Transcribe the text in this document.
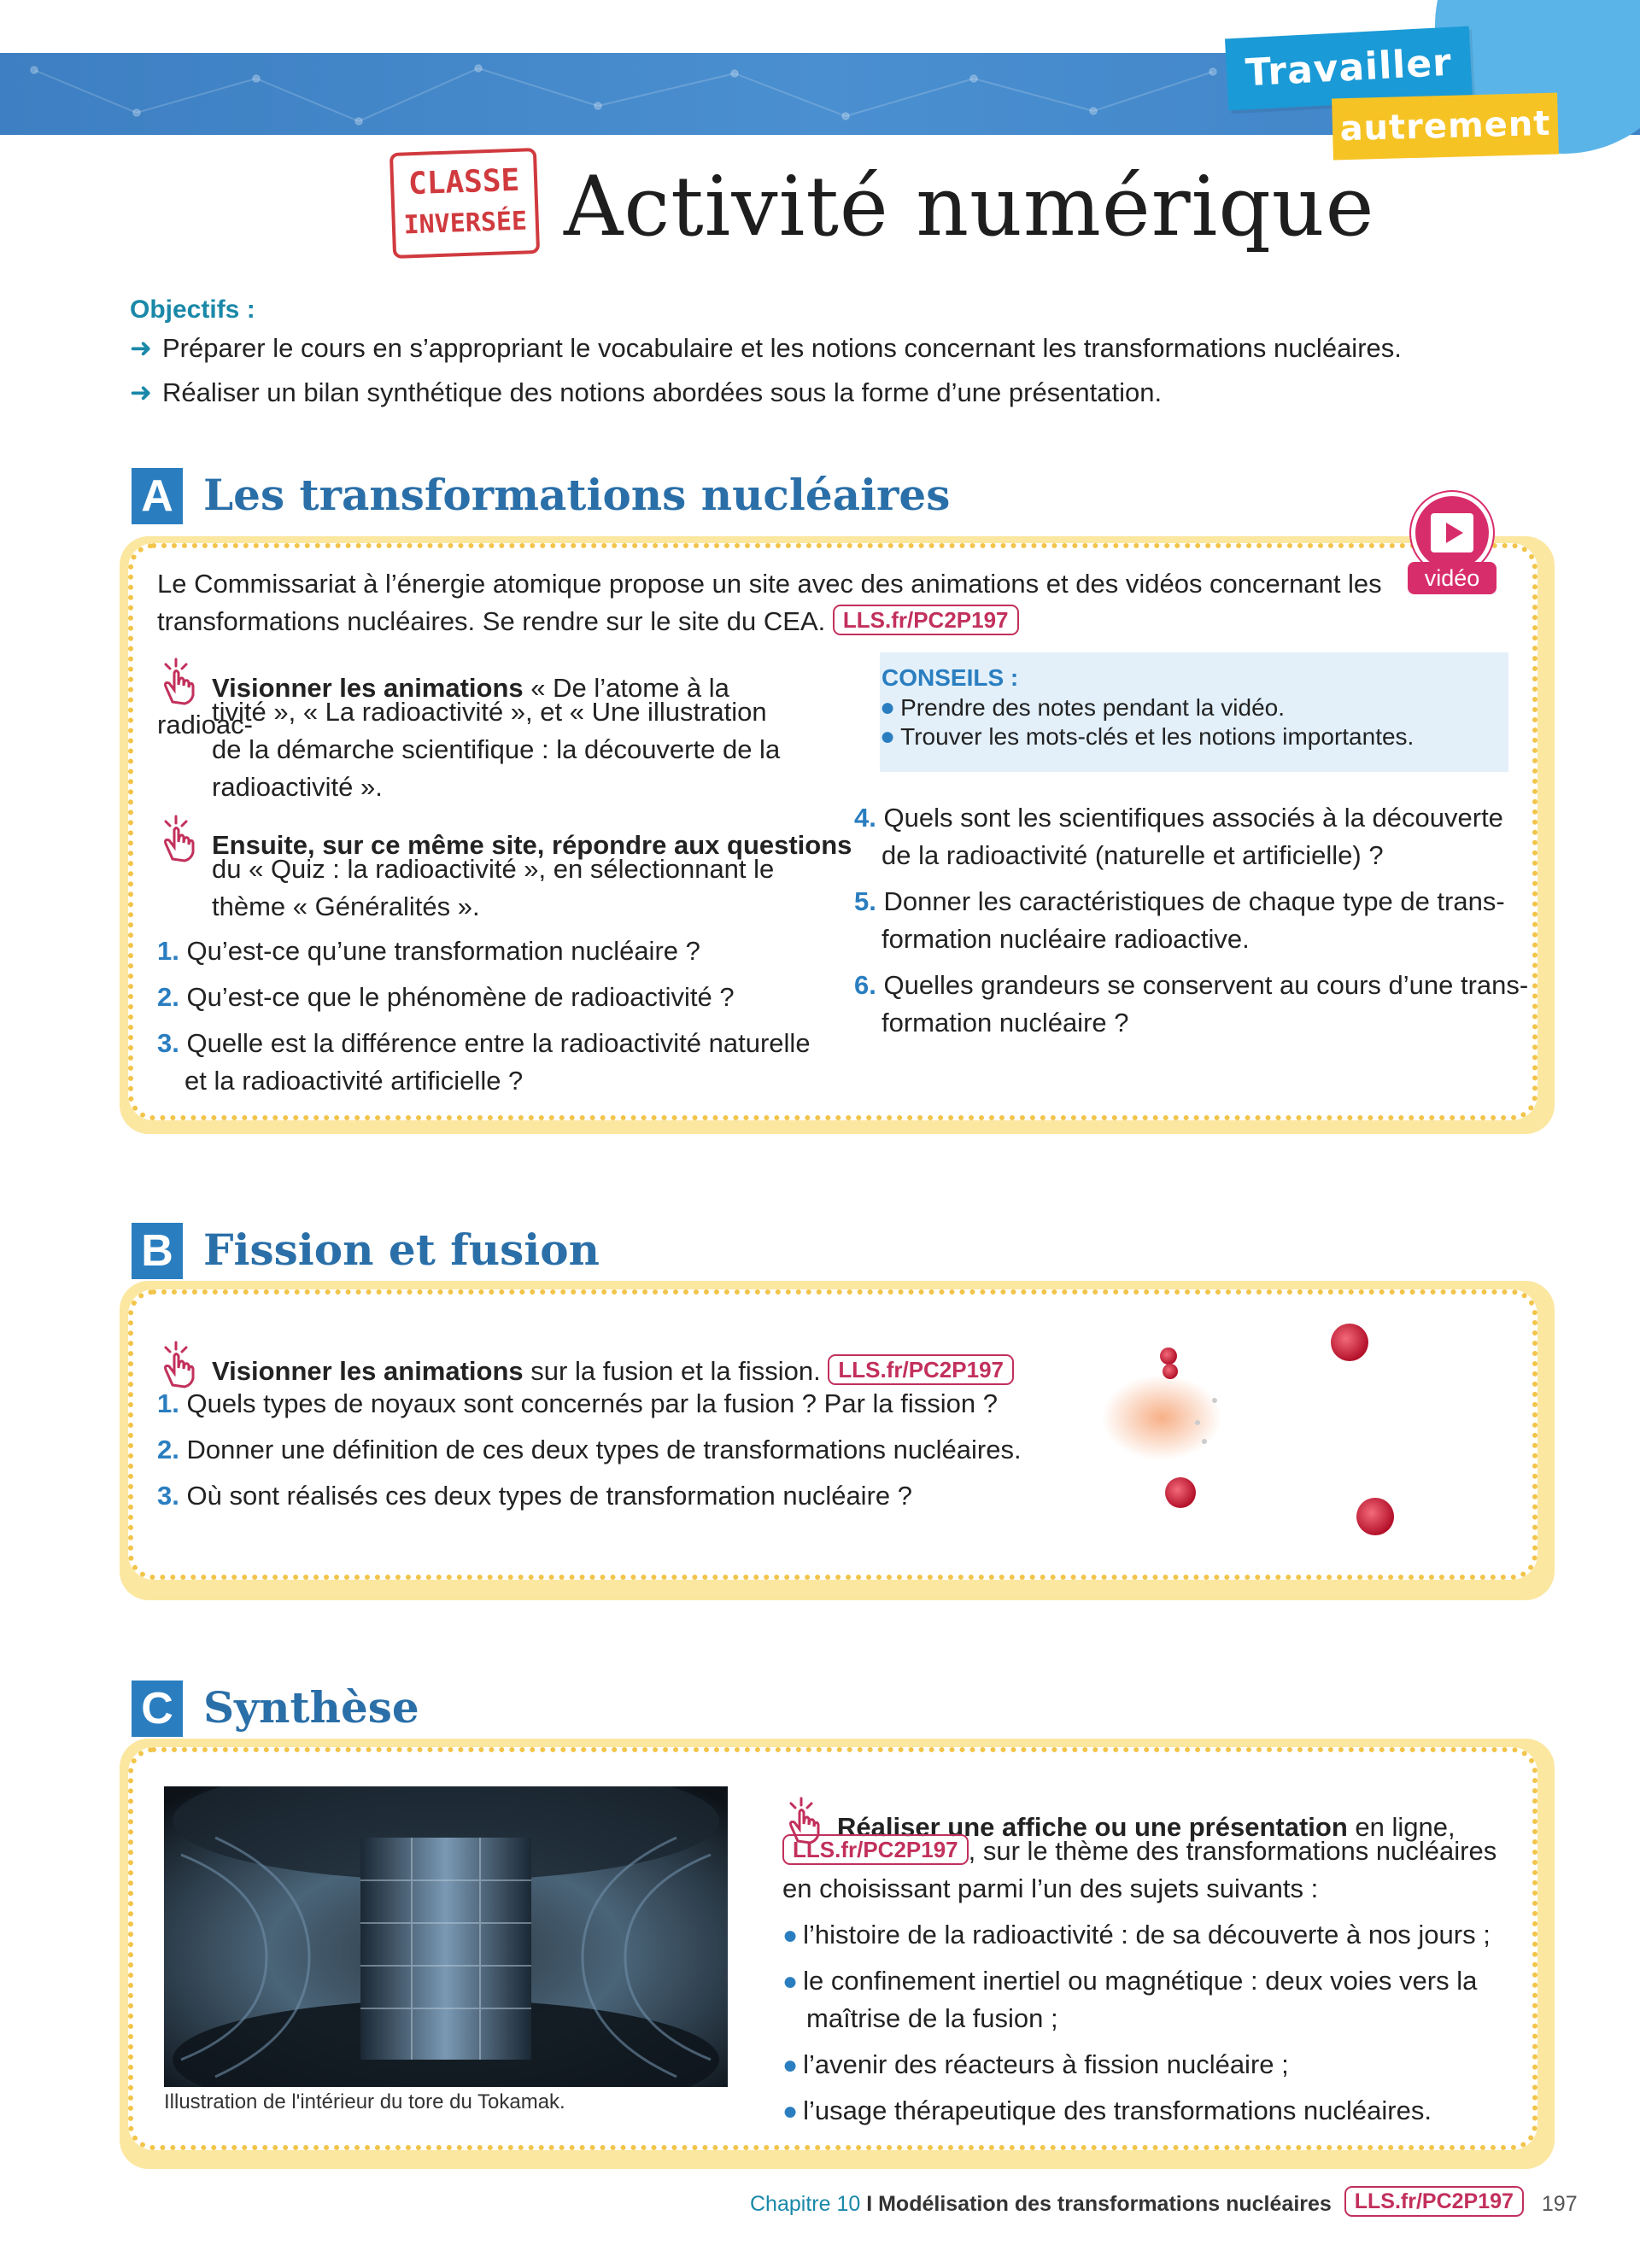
Travailler
autrement
CLASSE
INVERSÉE Activité numérique
Objectifs :
➜ Préparer le cours en s’appropriant le vocabulaire et les notions concernant les transformations nucléaires.
➜ Réaliser un bilan synthétique des notions abordées sous la forme d’une présentation.
A Les transformations nucléaires
vidéo
Le Commissariat à l’énergie atomique propose un site avec des animations et des vidéos concernant les
transformations nucléaires. Se rendre sur le site du CEA. LLS.fr/PC2P197
Visionner les animations « De l’atome à la radioac-
tivité », « La radioactivité », et « Une illustration
de la démarche scientifique : la découverte de la
radioactivité ».
Ensuite, sur ce même site, répondre aux questions
du « Quiz : la radioactivité », en sélectionnant le
thème « Généralités ».
1. Qu’est-ce qu’une transformation nucléaire ?
2. Qu’est-ce que le phénomène de radioactivité ?
3. Quelle est la différence entre la radioactivité naturelle
et la radioactivité artificielle ?
CONSEILS :
● Prendre des notes pendant la vidéo.
● Trouver les mots-clés et les notions importantes.
4. Quels sont les scientifiques associés à la découverte
de la radioactivité (naturelle et artificielle) ?
5. Donner les caractéristiques de chaque type de trans-
formation nucléaire radioactive.
6. Quelles grandeurs se conservent au cours d’une trans-
formation nucléaire ?
B Fission et fusion
Visionner les animations sur la fusion et la fission. LLS.fr/PC2P197
1. Quels types de noyaux sont concernés par la fusion ? Par la fission ?
2. Donner une définition de ces deux types de transformations nucléaires.
3. Où sont réalisés ces deux types de transformation nucléaire ?
C Synthèse
Illustration de l'intérieur du tore du Tokamak.
Réaliser une affiche ou une présentation en ligne,
LLS.fr/PC2P197 , sur le thème des transformations nucléaires
en choisissant parmi l’un des sujets suivants :
● l’histoire de la radioactivité : de sa découverte à nos jours ;
● le confinement inertiel ou magnétique : deux voies vers la
maîtrise de la fusion ;
● l’avenir des réacteurs à fission nucléaire ;
● l’usage thérapeutique des transformations nucléaires.
Chapitre 10 I Modélisation des transformations nucléaires LLS.fr/PC2P197 197
